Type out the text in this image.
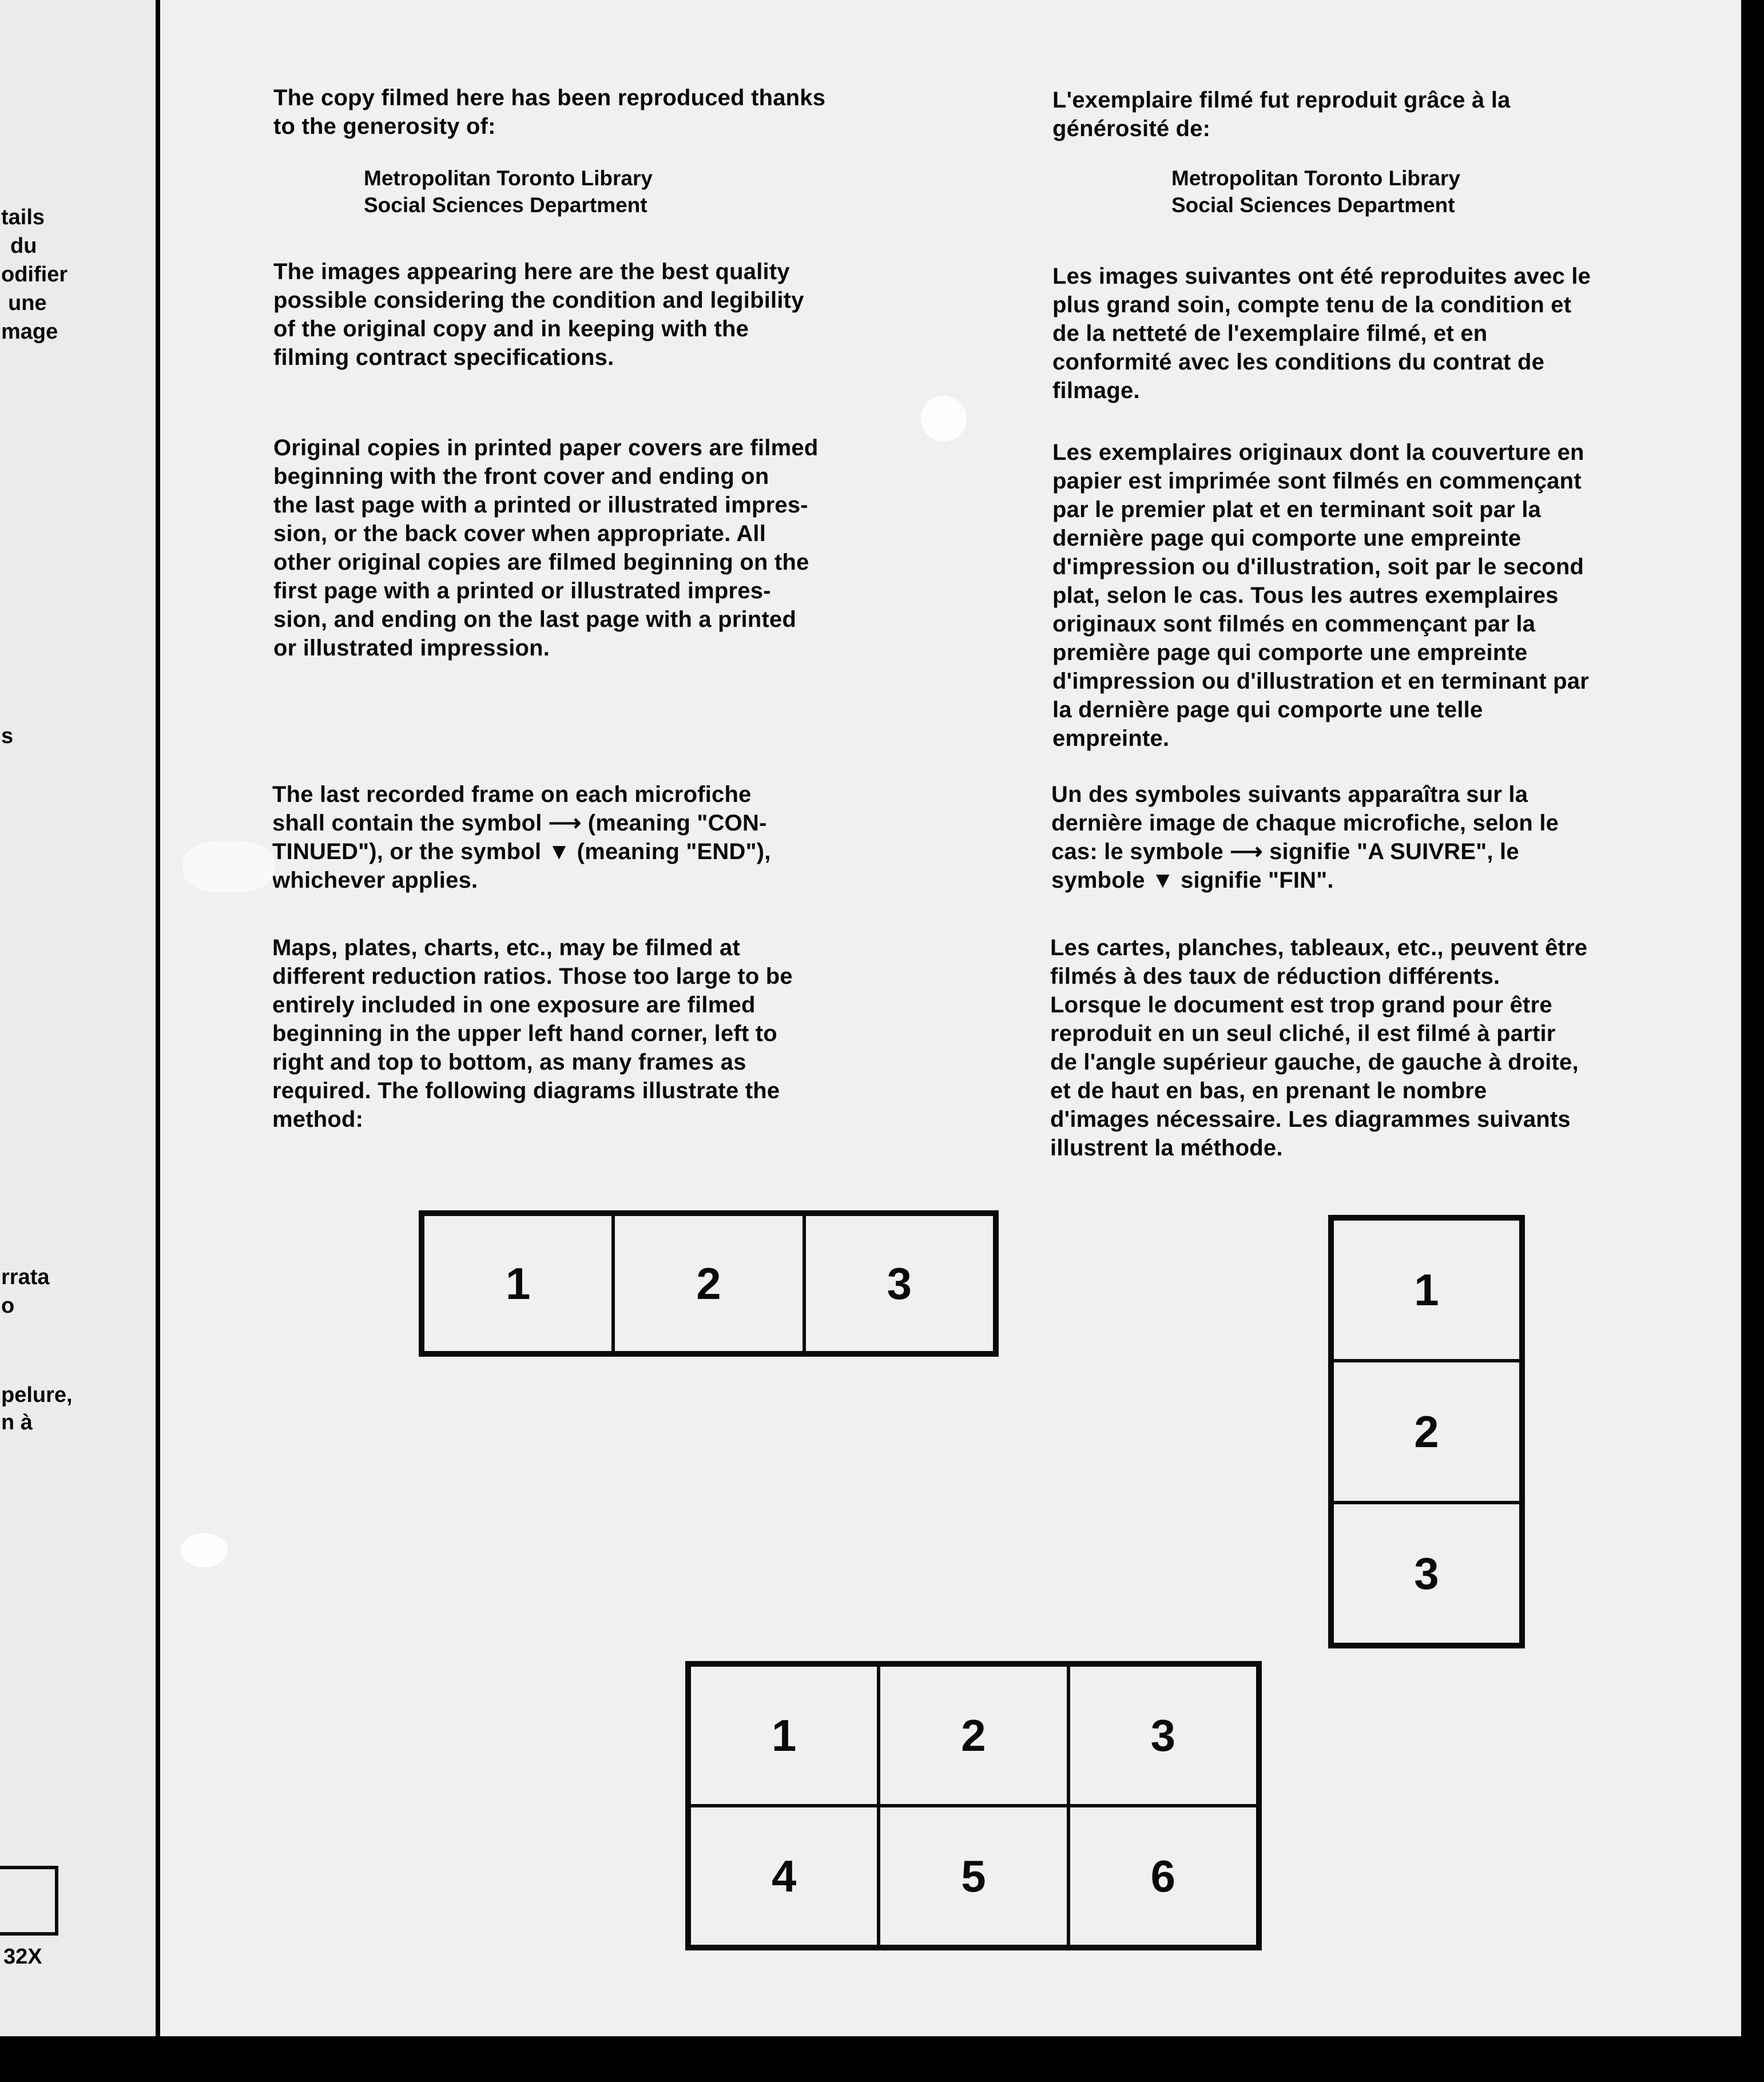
tails
du
odifier
une
mage
s
rrata
o
pelure,
n à
32X
The copy filmed here has been reproduced thanks
to the generosity of:
Metropolitan Toronto Library
Social Sciences Department
The images appearing here are the best quality
possible considering the condition and legibility
of the original copy and in keeping with the
filming contract specifications.
Original copies in printed paper covers are filmed
beginning with the front cover and ending on
the last page with a printed or illustrated impres-
sion, or the back cover when appropriate. All
other original copies are filmed beginning on the
first page with a printed or illustrated impres-
sion, and ending on the last page with a printed
or illustrated impression.
The last recorded frame on each microfiche
shall contain the symbol ⟶ (meaning "CON-
TINUED"), or the symbol ▼ (meaning "END"),
whichever applies.
Maps, plates, charts, etc., may be filmed at
different reduction ratios. Those too large to be
entirely included in one exposure are filmed
beginning in the upper left hand corner, left to
right and top to bottom, as many frames as
required. The following diagrams illustrate the
method:
L'exemplaire filmé fut reproduit grâce à la
générosité de:
Metropolitan Toronto Library
Social Sciences Department
Les images suivantes ont été reproduites avec le
plus grand soin, compte tenu de la condition et
de la netteté de l'exemplaire filmé, et en
conformité avec les conditions du contrat de
filmage.
Les exemplaires originaux dont la couverture en
papier est imprimée sont filmés en commençant
par le premier plat et en terminant soit par la
dernière page qui comporte une empreinte
d'impression ou d'illustration, soit par le second
plat, selon le cas. Tous les autres exemplaires
originaux sont filmés en commençant par la
première page qui comporte une empreinte
d'impression ou d'illustration et en terminant par
la dernière page qui comporte une telle
empreinte.
Un des symboles suivants apparaîtra sur la
dernière image de chaque microfiche, selon le
cas: le symbole ⟶ signifie "A SUIVRE", le
symbole ▼ signifie "FIN".
Les cartes, planches, tableaux, etc., peuvent être
filmés à des taux de réduction différents.
Lorsque le document est trop grand pour être
reproduit en un seul cliché, il est filmé à partir
de l'angle supérieur gauche, de gauche à droite,
et de haut en bas, en prenant le nombre
d'images nécessaire. Les diagrammes suivants
illustrent la méthode.
1	2	3	1
2
3
1	2	3
4	5	6
